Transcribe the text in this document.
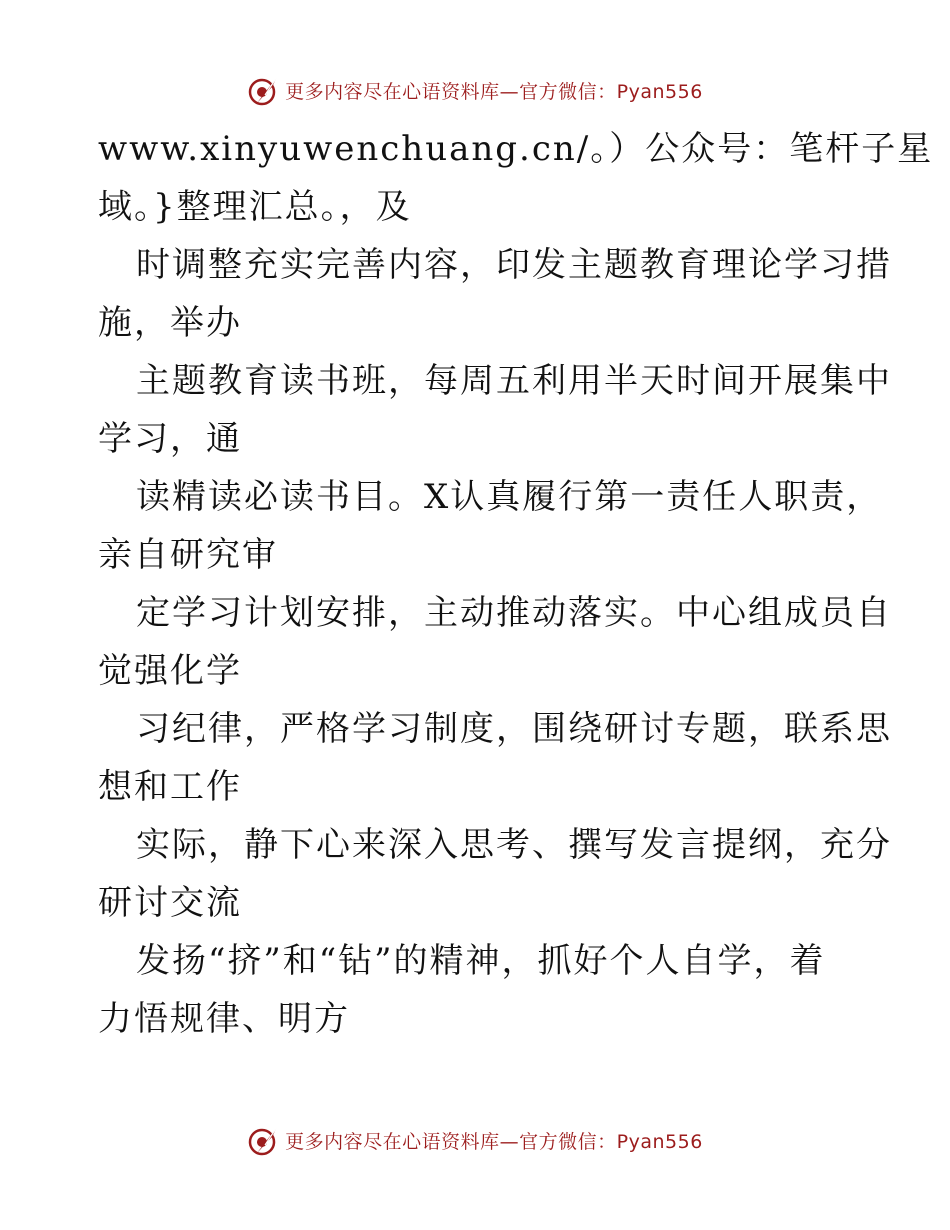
更多内容尽在心语资料库—官方微信：Pyan556
www.xinyuwenchuang.cn/。）公众号：笔杆子星
域。}整理汇总。，及
时调整充实完善内容，印发主题教育理论学习措
施，举办
主题教育读书班，每周五利用半天时间开展集中
学习，通
读精读必读书目。X认真履行第一责任人职责，
亲自研究审
定学习计划安排，主动推动落实。中心组成员自
觉强化学
习纪律，严格学习制度，围绕研讨专题，联系思
想和工作
实际，静下心来深入思考、撰写发言提纲，充分
研讨交流
发扬“挤”和“钻”的精神，抓好个人自学，着
力悟规律、明方
更多内容尽在心语资料库—官方微信：Pyan556
